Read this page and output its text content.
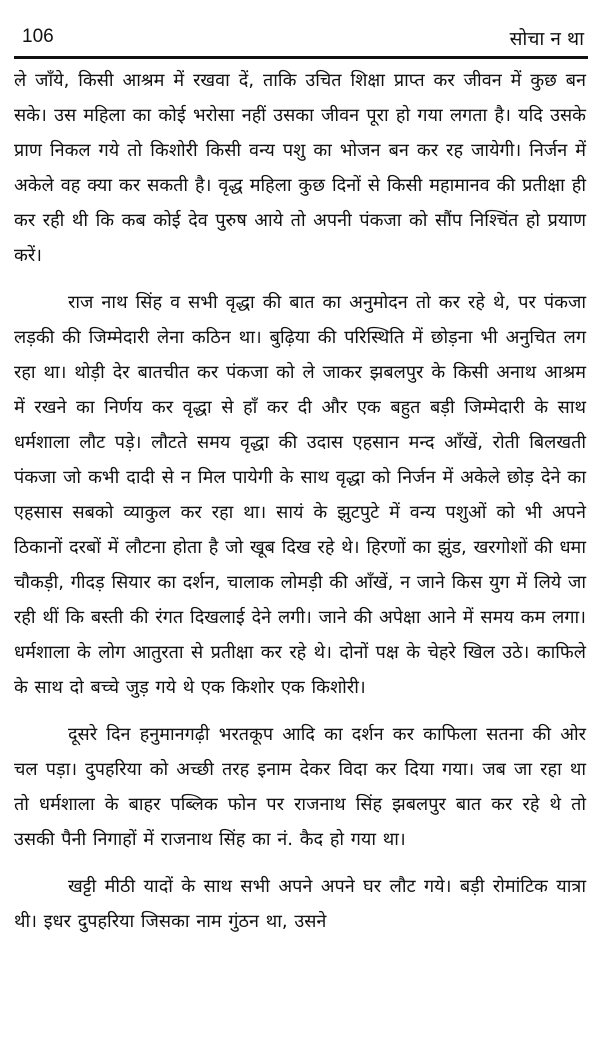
106	सोचा न था

ले जाँये, किसी आश्रम में रखवा दें, ताकि उचित शिक्षा प्राप्त कर जीवन में कुछ बन सके। उस महिला का कोई भरोसा नहीं उसका जीवन पूरा हो गया लगता है। यदि उसके प्राण निकल गये तो किशोरी किसी वन्य पशु का भोजन बन कर रह जायेगी। निर्जन में अकेले वह क्या कर सकती है। वृद्ध महिला कुछ दिनों से किसी महामानव की प्रतीक्षा ही कर रही थी कि कब कोई देव पुरुष आये तो अपनी पंकजा को सौंप निश्चिंत हो प्रयाण करें।

राज नाथ सिंह व सभी वृद्धा की बात का अनुमोदन तो कर रहे थे, पर पंकजा लड़की की जिम्मेदारी लेना कठिन था। बुढ़िया की परिस्थिति में छोड़ना भी अनुचित लग रहा था। थोड़ी देर बातचीत कर पंकजा को ले जाकर झबलपुर के किसी अनाथ आश्रम में रखने का निर्णय कर वृद्धा से हाँ कर दी और एक बहुत बड़ी जिम्मेदारी के साथ धर्मशाला लौट पड़े। लौटते समय वृद्धा की उदास एहसान मन्द आँखें, रोती बिलखती पंकजा जो कभी दादी से न मिल पायेगी के साथ वृद्धा को निर्जन में अकेले छोड़ देने का एहसास सबको व्याकुल कर रहा था। सायं के झुटपुटे में वन्य पशुओं को भी अपने ठिकानों दरबों में लौटना होता है जो खूब दिख रहे थे। हिरणों का झुंड, खरगोशों की धमा चौकड़ी, गीदड़ सियार का दर्शन, चालाक लोमड़ी की आँखें, न जाने किस युग में लिये जा रही थीं कि बस्ती की रंगत दिखलाई देने लगी। जाने की अपेक्षा आने में समय कम लगा। धर्मशाला के लोग आतुरता से प्रतीक्षा कर रहे थे। दोनों पक्ष के चेहरे खिल उठे। काफिले के साथ दो बच्चे जुड़ गये थे एक किशोर एक किशोरी।

दूसरे दिन हनुमानगढ़ी भरतकूप आदि का दर्शन कर काफिला सतना की ओर चल पड़ा। दुपहरिया को अच्छी तरह इनाम देकर विदा कर दिया गया। जब जा रहा था तो धर्मशाला के बाहर पब्लिक फोन पर राजनाथ सिंह झबलपुर बात कर रहे थे तो उसकी पैनी निगाहों में राजनाथ सिंह का नं. कैद हो गया था।

खट्टी मीठी यादों के साथ सभी अपने अपने घर लौट गये। बड़ी रोमांटिक यात्रा थी। इधर दुपहरिया जिसका नाम गुंठन था, उसने
